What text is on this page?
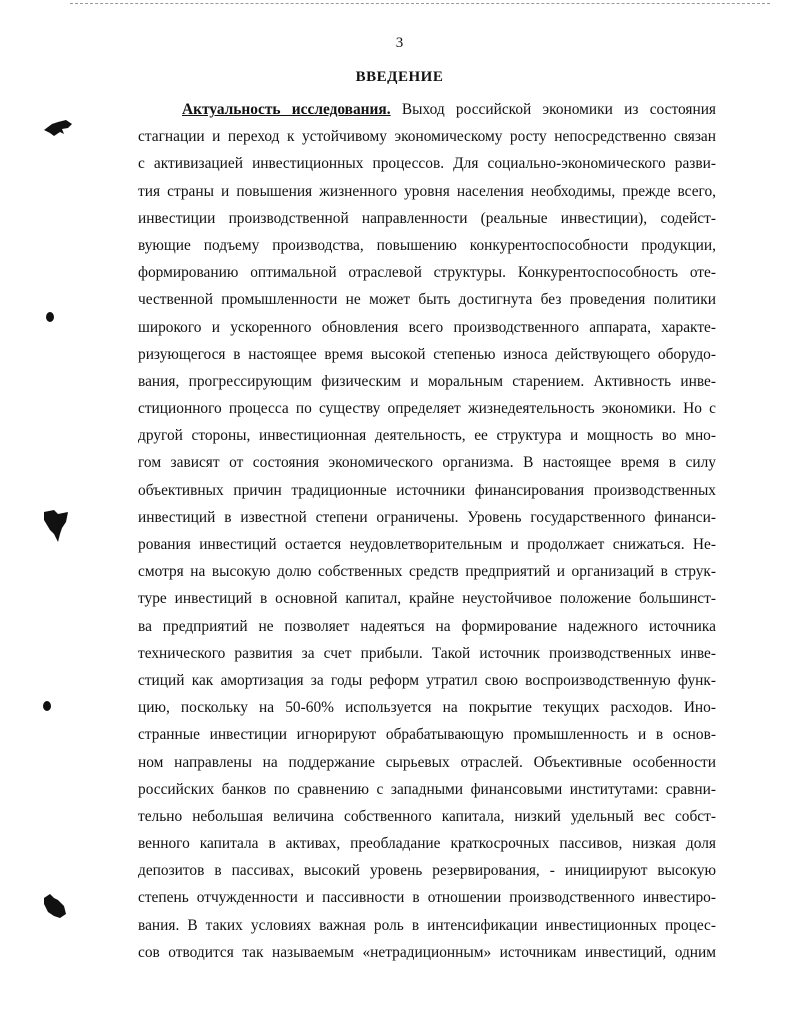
3
ВВЕДЕНИЕ
Актуальность исследования. Выход российской экономики из состояния
стагнации и переход к устойчивому экономическому росту непосредственно связан
с активизацией инвестиционных процессов. Для социально-экономического разви-
тия страны и повышения жизненного уровня населения необходимы, прежде всего,
инвестиции производственной направленности (реальные инвестиции), содейст-
вующие подъему производства, повышению конкурентоспособности продукции,
формированию оптимальной отраслевой структуры. Конкурентоспособность оте-
чественной промышленности не может быть достигнута без проведения политики
широкого и ускоренного обновления всего производственного аппарата, характе-
ризующегося в настоящее время высокой степенью износа действующего оборудо-
вания, прогрессирующим физическим и моральным старением. Активность инве-
стиционного процесса по существу определяет жизнедеятельность экономики. Но с
другой стороны, инвестиционная деятельность, ее структура и мощность во мно-
гом зависят от состояния экономического организма. В настоящее время в силу
объективных причин традиционные источники финансирования производственных
инвестиций в известной степени ограничены. Уровень государственного финанси-
рования инвестиций остается неудовлетворительным и продолжает снижаться. Не-
смотря на высокую долю собственных средств предприятий и организаций в струк-
туре инвестиций в основной капитал, крайне неустойчивое положение большинст-
ва предприятий не позволяет надеяться на формирование надежного источника
технического развития за счет прибыли. Такой источник производственных инве-
стиций как амортизация за годы реформ утратил свою воспроизводственную функ-
цию, поскольку на 50-60% используется на покрытие текущих расходов. Ино-
странные инвестиции игнорируют обрабатывающую промышленность и в основ-
ном направлены на поддержание сырьевых отраслей. Объективные особенности
российских банков по сравнению с западными финансовыми институтами: сравни-
тельно небольшая величина собственного капитала, низкий удельный вес собст-
венного капитала в активах, преобладание краткосрочных пассивов, низкая доля
депозитов в пассивах, высокий уровень резервирования, - инициируют высокую
степень отчужденности и пассивности в отношении производственного инвестиро-
вания. В таких условиях важная роль в интенсификации инвестиционных процес-
сов отводится так называемым «нетрадиционным» источникам инвестиций, одним
